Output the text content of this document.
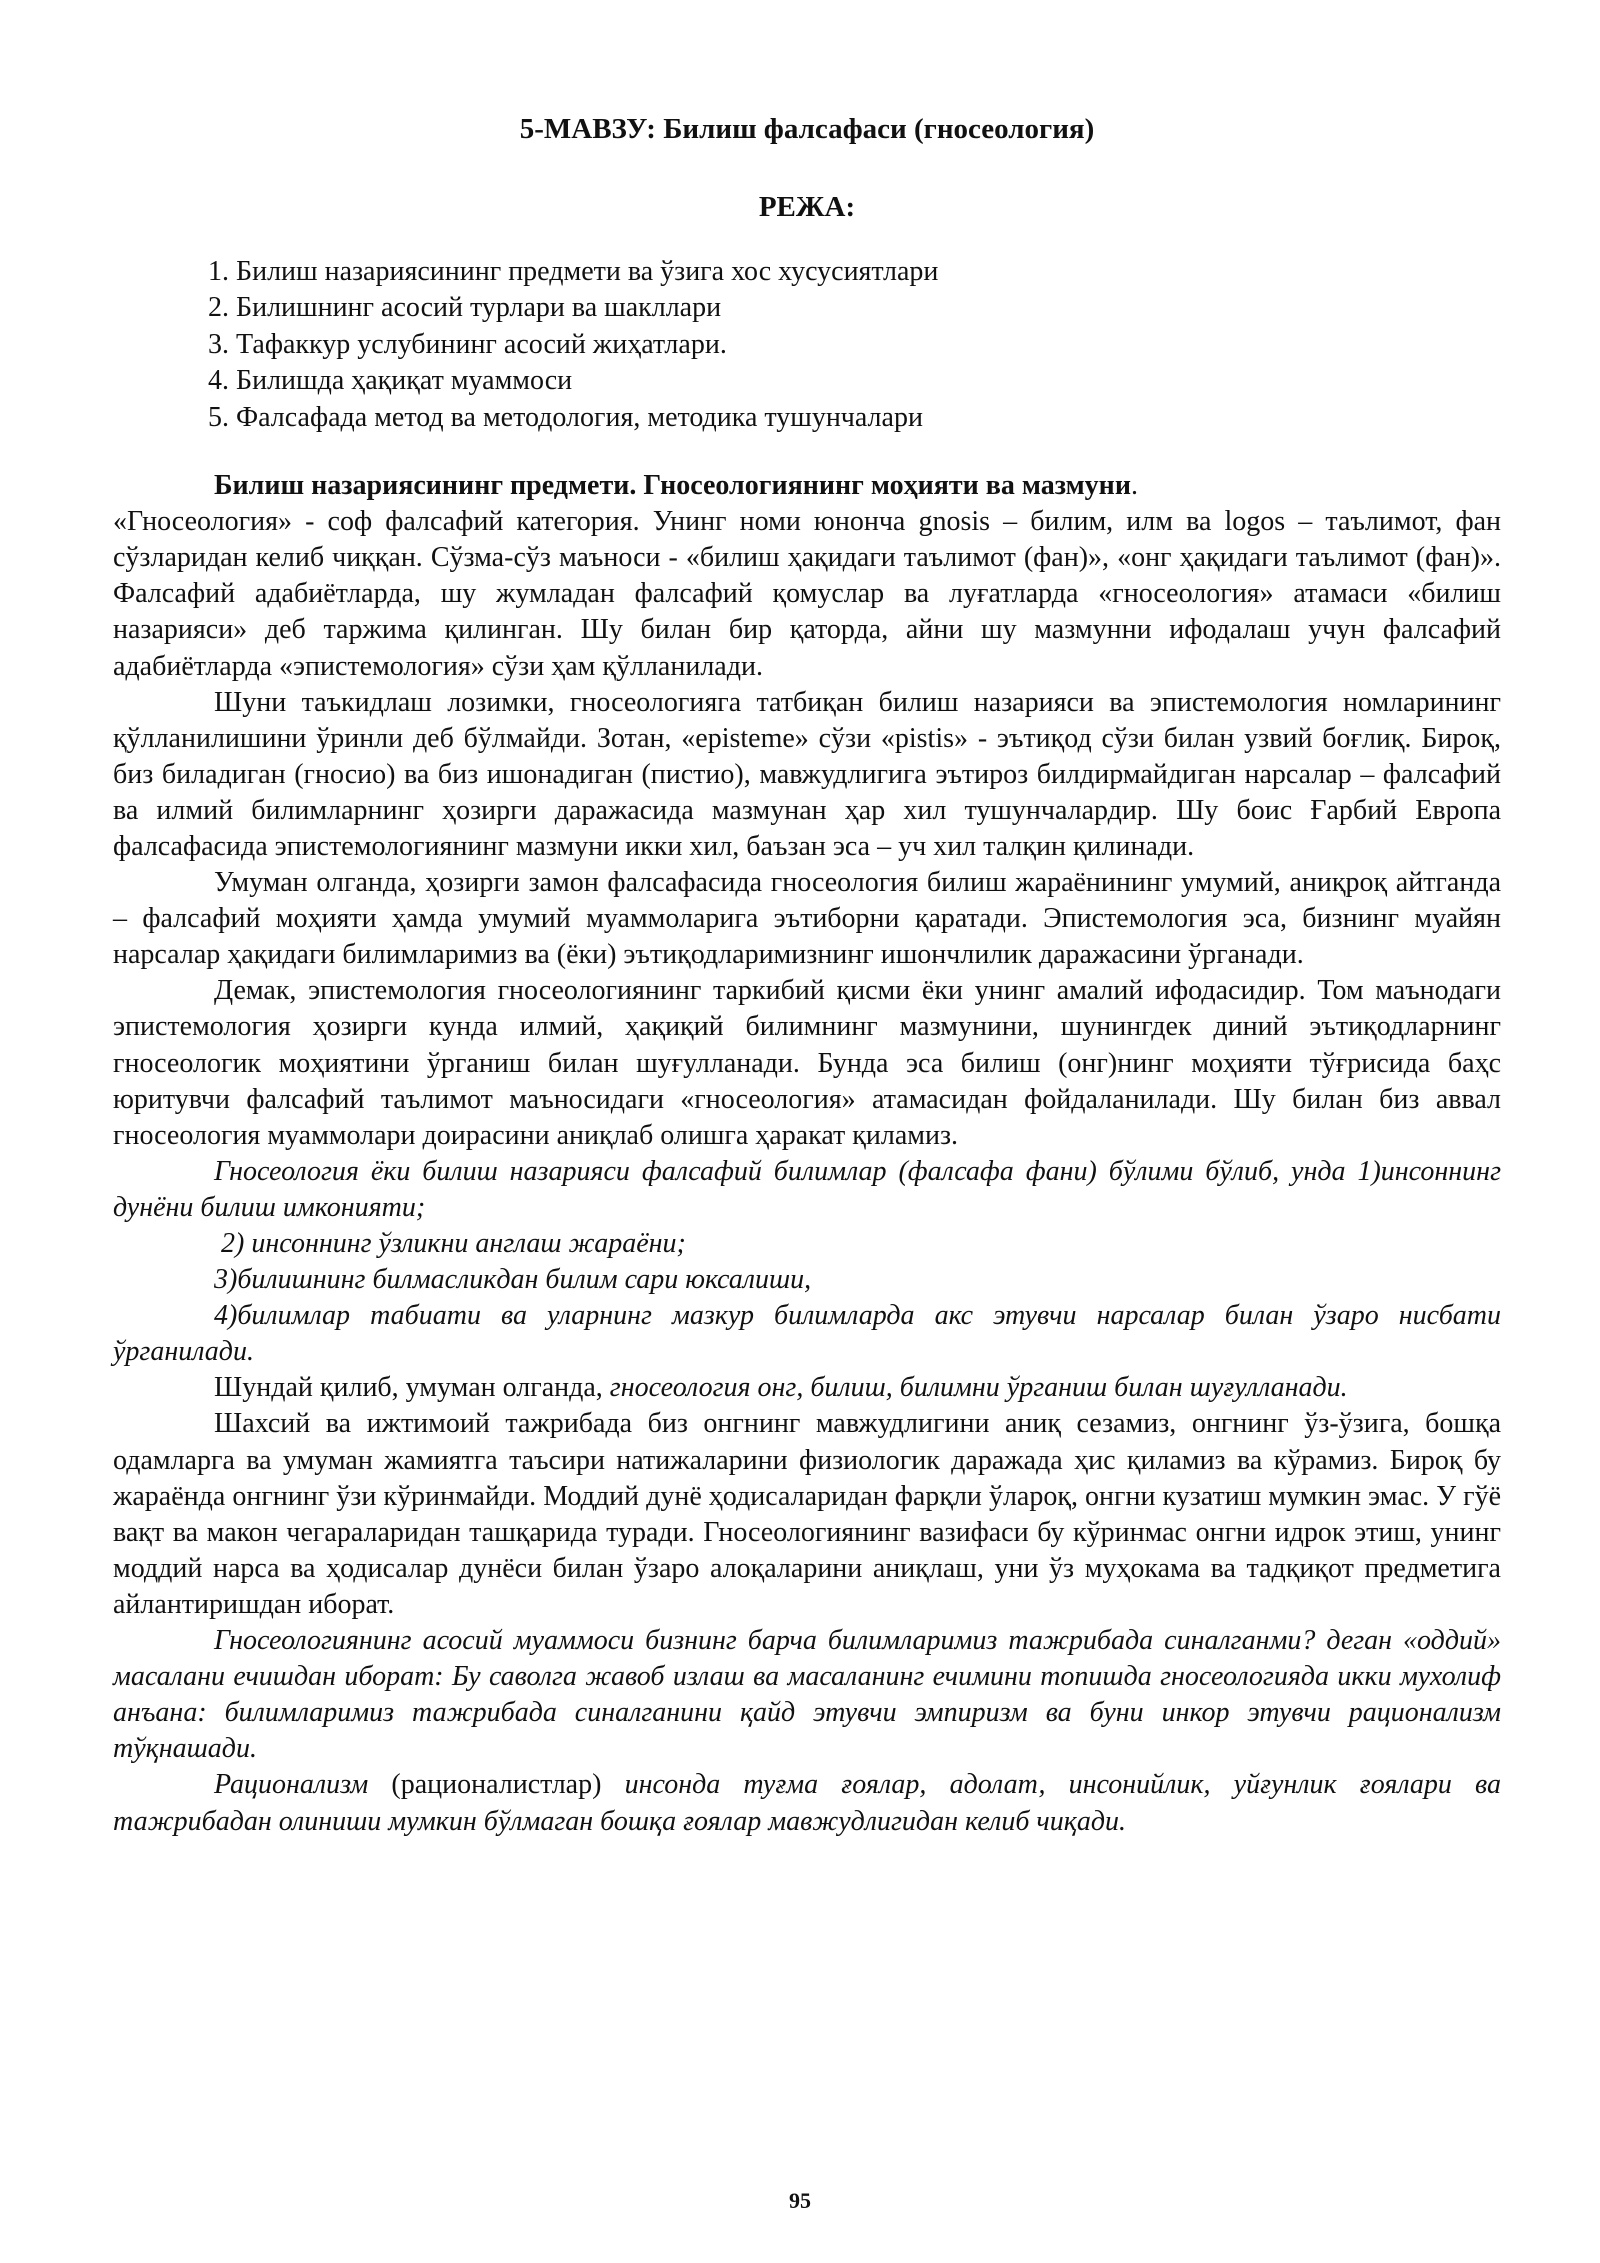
5-МАВЗУ: Билиш фалсафаси (гносеология)
РЕЖА:
1. Билиш назариясининг предмети ва ўзига хос хусусиятлари
2. Билишнинг асосий турлари ва шакллари
3. Тафаккур услубининг асосий жиҳатлари.
4. Билишда ҳақиқат муаммоси
5. Фалсафада метод ва методология, методика тушунчалари

Билиш назариясининг предмети. Гносеологиянинг моҳияти ва мазмуни.

«Гносеология» - соф фалсафий категория. Унинг номи юнонча gnosis – билим, илм ва logos – таълимот, фан сўзларидан келиб чиққан. Сўзма-сўз маъноси - «билиш ҳақидаги таълимот (фан)», «онг ҳақидаги таълимот (фан)». Фалсафий адабиётларда, шу жумладан фалсафий қомуслар ва луғатларда «гносеология» атамаси «билиш назарияси» деб таржима қилинган. Шу билан бир қаторда, айни шу мазмунни ифодалаш учун фалсафий адабиётларда «эпистемология» сўзи ҳам қўлланилади.

Шуни таъкидлаш лозимки, гносеологияга татбиқан билиш назарияси ва эпистемология номларининг қўлланилишини ўринли деб бўлмайди. Зотан, «episteme» сўзи «pistis» - эътиқод сўзи билан узвий боғлиқ. Бироқ, биз биладиган (гносио) ва биз ишонадиган (пистио), мавжудлигига эътироз билдирмайдиган нарсалар – фалсафий ва илмий билимларнинг ҳозирги даражасида мазмунан ҳар хил тушунчалардир. Шу боис Ғарбий Европа фалсафасида эпистемологиянинг мазмуни икки хил, баъзан эса – уч хил талқин қилинади.

Умуман олганда, ҳозирги замон фалсафасида гносеология билиш жараёнининг умумий, аниқроқ айтганда – фалсафий моҳияти ҳамда умумий муаммоларига эътиборни қаратади. Эпистемология эса, бизнинг муайян нарсалар ҳақидаги билимларимиз ва (ёки) эътиқодларимизнинг ишончлилик даражасини ўрганади.

Демак, эпистемология гносеологиянинг таркибий қисми ёки унинг амалий ифодасидир. Том маънодаги эпистемология ҳозирги кунда илмий, ҳақиқий билимнинг мазмунини, шунингдек диний эътиқодларнинг гносеологик моҳиятини ўрганиш билан шуғулланади. Бунда эса билиш (онг)нинг моҳияти тўғрисида баҳс юритувчи фалсафий таълимот маъносидаги «гносеология» атамасидан фойдаланилади. Шу билан биз аввал гносеология муаммолари доирасини аниқлаб олишга ҳаракат қиламиз.

Гносеология ёки билиш назарияси фалсафий билимлар (фалсафа фани) бўлими бўлиб, унда 1)инсоннинг дунёни билиш имконияти;

2) инсоннинг ўзликни англаш жараёни;

3)билишнинг билмасликдан билим сари юксалиши,

4)билимлар табиати ва уларнинг мазкур билимларда акс этувчи нарсалар билан ўзаро нисбати ўрганилади.

Шундай қилиб, умуман олганда, гносеология онг, билиш, билимни ўрганиш билан шуғулланади.

Шахсий ва ижтимоий тажрибада биз онгнинг мавжудлигини аниқ сезамиз, онгнинг ўз-ўзига, бошқа одамларга ва умуман жамиятга таъсири натижаларини физиологик даражада ҳис қиламиз ва кўрамиз. Бироқ бу жараёнда онгнинг ўзи кўринмайди. Моддий дунё ҳодисаларидан фарқли ўлароқ, онгни кузатиш мумкин эмас. У гўё вақт ва макон чегараларидан ташқарида туради. Гносеологиянинг вазифаси бу кўринмас онгни идрок этиш, унинг моддий нарса ва ҳодисалар дунёси билан ўзаро алоқаларини аниқлаш, уни ўз муҳокама ва тадқиқот предметига айлантиришдан иборат.

Гносеологиянинг асосий муаммоси бизнинг барча билимларимиз тажрибада синалганми? деган «оддий» масалани ечишдан иборат: Бу саволга жавоб излаш ва масаланинг ечимини топишда гносеологияда икки мухолиф анъана: билимларимиз тажрибада синалганини қайд этувчи эмпиризм ва буни инкор этувчи рационализм тўқнашади.

Рационализм (рационалистлар) инсонда туғма ғоялар, адолат, инсонийлик, уйғунлик ғоялари ва тажрибадан олиниши мумкин бўлмаган бошқа ғоялар мавжудлигидан келиб чиқади.

95
